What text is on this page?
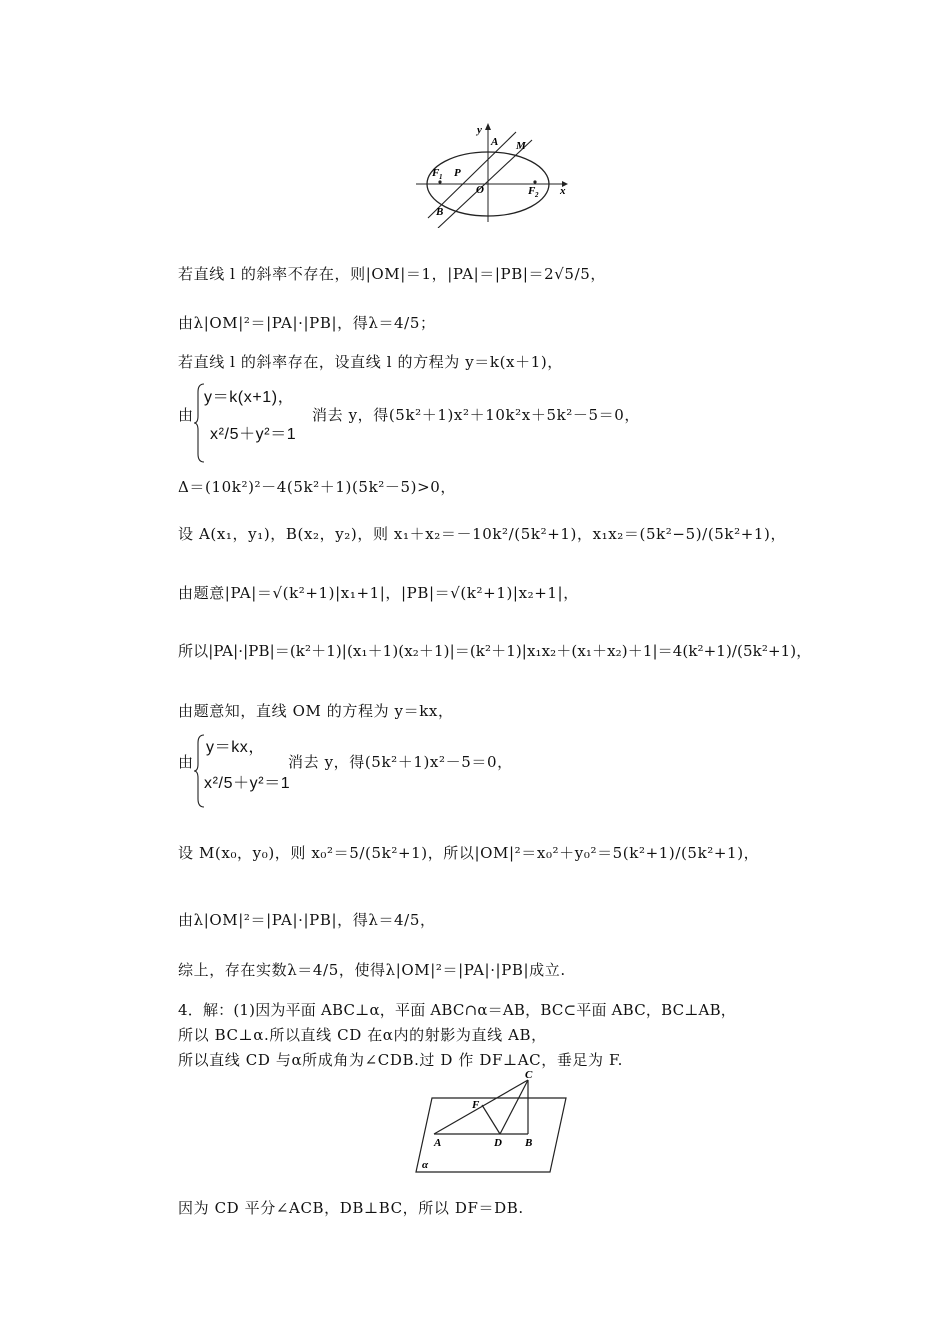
y
x
A M
F 1 P
O	F 2
B
若直线 l 的斜率不存在，则|OM|＝1，|PA|＝|PB|＝2√5/5，
由λ|OM|²＝|PA|·|PB|，得λ＝4/5；
若直线 l 的斜率存在，设直线 l 的方程为 y＝k(x＋1)，
由
y＝k(x+1)，
x²/5＋y²＝1
消去 y，得(5k²＋1)x²＋10k²x＋5k²－5＝0，
Δ＝(10k²)²－4(5k²＋1)(5k²－5)>0，
设 A(x₁，y₁)，B(x₂，y₂)，则 x₁＋x₂＝－10k²/(5k²+1)，x₁x₂＝(5k²−5)/(5k²+1)，
由题意|PA|＝√(k²+1)|x₁+1|，|PB|＝√(k²+1)|x₂+1|，
所以|PA|·|PB|＝(k²＋1)|(x₁＋1)(x₂＋1)|＝(k²＋1)|x₁x₂＋(x₁＋x₂)＋1|＝4(k²+1)/(5k²+1)，
由题意知，直线 OM 的方程为 y＝kx，
由
y＝kx，
x²/5＋y²＝1
消去 y，得(5k²＋1)x²－5＝0，
设 M(x₀，y₀)，则 x₀²＝5/(5k²+1)，所以|OM|²＝x₀²＋y₀²＝5(k²+1)/(5k²+1)，
由λ|OM|²＝|PA|·|PB|，得λ＝4/5，
综上，存在实数λ＝4/5，使得λ|OM|²＝|PA|·|PB|成立.
4．解：(1)因为平面 ABC⊥α，平面 ABC∩α＝AB，BC⊂平面 ABC，BC⊥AB，
所以 BC⊥α.所以直线 CD 在α内的射影为直线 AB，
所以直线 CD 与α所成角为∠CDB.过 D 作 DF⊥AC，垂足为 F.
C
F
A	D B
α
因为 CD 平分∠ACB，DB⊥BC，所以 DF＝DB.
